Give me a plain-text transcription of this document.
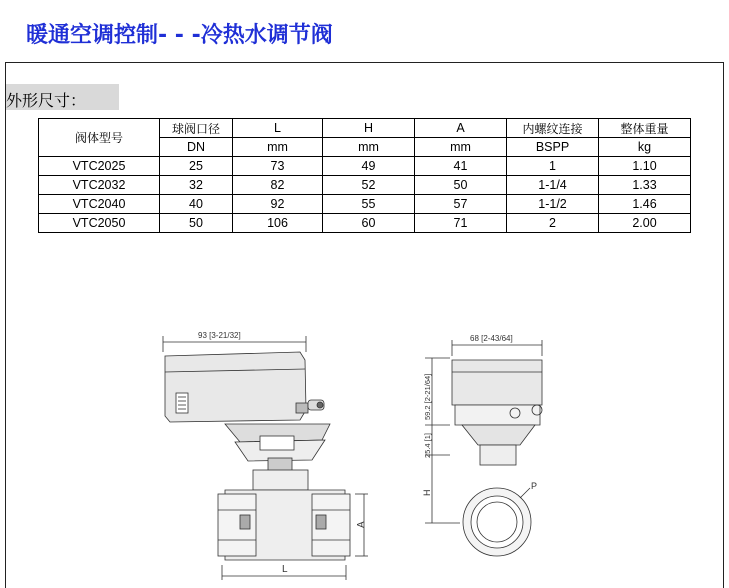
暖通空调控制- - -冷热水调节阀
外形尺寸：
阀体型号	球阀口径	L	H	A	内螺纹连接	整体重量
	DN	mm	mm	mm	BSPP	kg
VTC2025	25	73	49	41	1	1.10
VTC2032	32	82	52	50	1-1/4	1.33
VTC2040	40	92	55	57	1-1/2	1.46
VTC2050	50	106	60	71	2	2.00
93 [3-21/32]
A
L
68 [2-43/64]
59.2 [2-21/64]
25.4 [1]
H
P
